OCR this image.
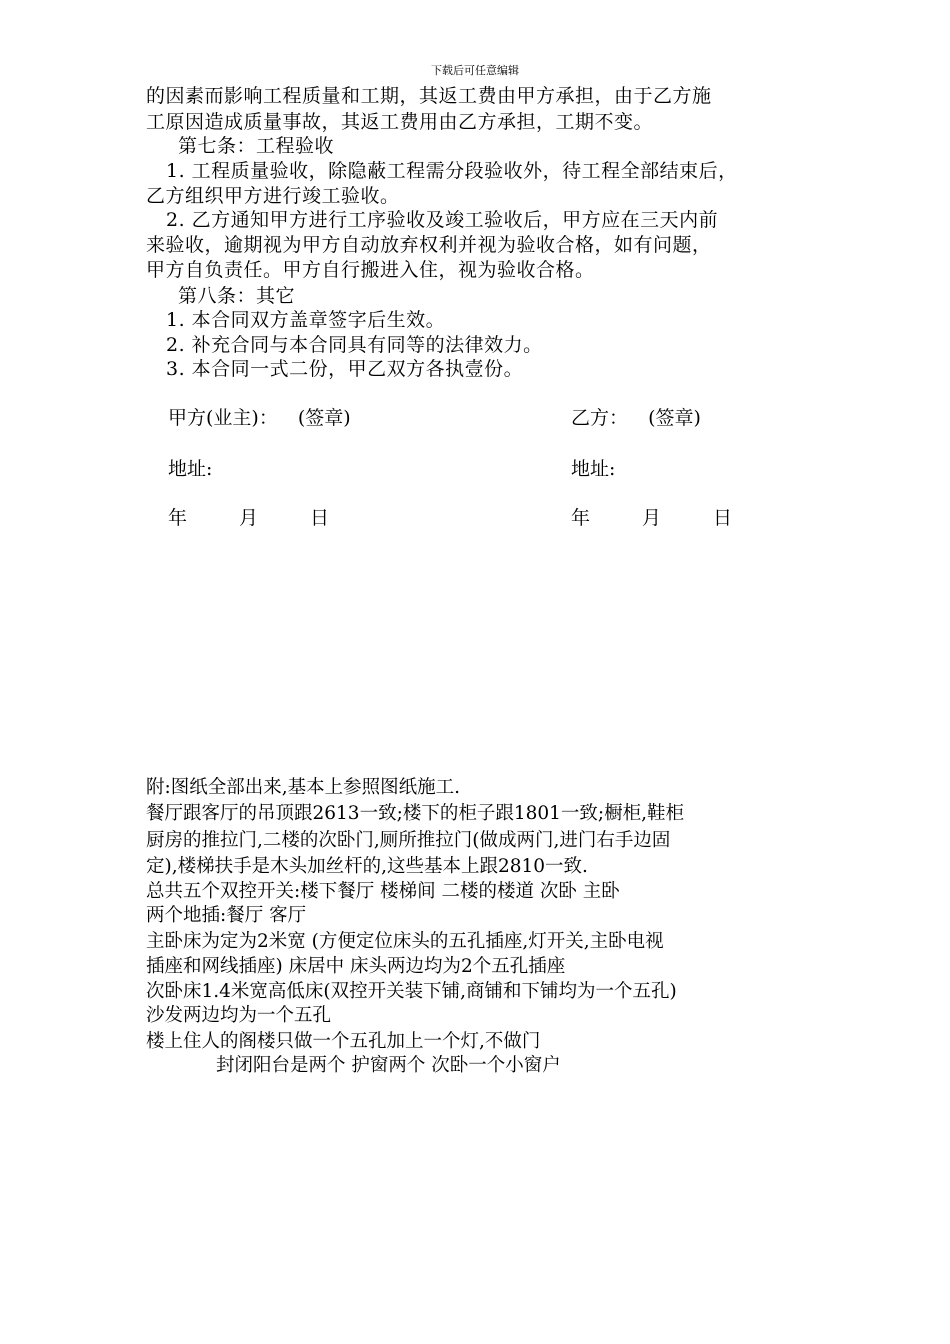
下载后可任意编辑
的因素而影响工程质量和工期，其返工费由甲方承担，由于乙方施
工原因造成质量事故，其返工费用由乙方承担，工期不变。
第七条：工程验收
1. 工程质量验收，除隐蔽工程需分段验收外，待工程全部结束后，
乙方组织甲方进行竣工验收。
2. 乙方通知甲方进行工序验收及竣工验收后，甲方应在三天内前
来验收，逾期视为甲方自动放弃权利并视为验收合格，如有问题，
甲方自负责任。甲方自行搬进入住，视为验收合格。
第八条：其它
1. 本合同双方盖章签字后生效。
2. 补充合同与本合同具有同等的法律效力。
3. 本合同一式二份，甲乙双方各执壹份。
甲方(业主)： (签章)	乙方： (签章)
地址:	地址:
年	月	日	年	月	日
附:图纸全部出来,基本上参照图纸施工.
餐厅跟客厅的吊顶跟2613一致;楼下的柜子跟1801一致;橱柜,鞋柜
厨房的推拉门,二楼的次卧门,厕所推拉门(做成两门,进门右手边固
定),楼梯扶手是木头加丝杆的,这些基本上跟2810一致.
总共五个双控开关:楼下餐厅 楼梯间 二楼的楼道 次卧 主卧
两个地插:餐厅 客厅
主卧床为定为2米宽 (方便定位床头的五孔插座,灯开关,主卧电视
插座和网线插座) 床居中 床头两边均为2个五孔插座
次卧床1.4米宽高低床(双控开关装下铺,商铺和下铺均为一个五孔)
沙发两边均为一个五孔
楼上住人的阁楼只做一个五孔加上一个灯,不做门
封闭阳台是两个 护窗两个 次卧一个小窗户
